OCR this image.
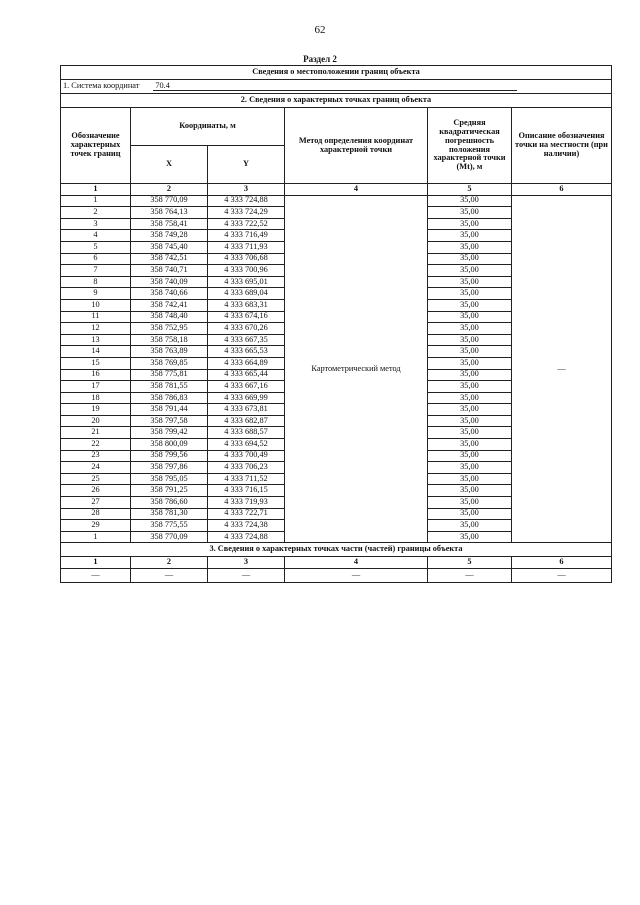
62
Раздел 2
Сведения о местоположении границ объекта					
1. Система координат 70.4					
2. Сведения о характерных точках границ объекта					
Обозначение характерных точек границ	Координаты, м		Метод определения координат характерной точки	Средняя квадратическая погрешность положения характерной точки (Mt), м	Описание обозначения точки на местности (при наличии)
	X	Y			
1	2	3	4	5	6
1	358 770,09	4 333 724,88	Картометрический метод	35,00	—
2	358 764,13	4 333 724,29		35,00	
3	358 758,41	4 333 722,52		35,00	
4	358 749,28	4 333 716,49		35,00	
5	358 745,40	4 333 711,93		35,00	
6	358 742,51	4 333 706,68		35,00	
7	358 740,71	4 333 700,96		35,00	
8	358 740,09	4 333 695,01		35,00	
9	358 740,66	4 333 689,04		35,00	
10	358 742,41	4 333 683,31		35,00	
11	358 748,40	4 333 674,16		35,00	
12	358 752,95	4 333 670,26		35,00	
13	358 758,18	4 333 667,35		35,00	
14	358 763,89	4 333 665,53		35,00	
15	358 769,85	4 333 664,89		35,00	
16	358 775,81	4 333 665,44		35,00	
17	358 781,55	4 333 667,16		35,00	
18	358 786,83	4 333 669,99		35,00	
19	358 791,44	4 333 673,81		35,00	
20	358 797,58	4 333 682,87		35,00	
21	358 799,42	4 333 688,57		35,00	
22	358 800,09	4 333 694,52		35,00	
23	358 799,56	4 333 700,49		35,00	
24	358 797,86	4 333 706,23		35,00	
25	358 795,05	4 333 711,52		35,00	
26	358 791,25	4 333 716,15		35,00	
27	358 786,60	4 333 719,93		35,00	
28	358 781,30	4 333 722,71		35,00	
29	358 775,55	4 333 724,38		35,00	
1	358 770,09	4 333 724,88		35,00	
3. Сведения о характерных точках части (частей) границы объекта					
1	2	3	4	5	6
—	—	—	—	—	—
